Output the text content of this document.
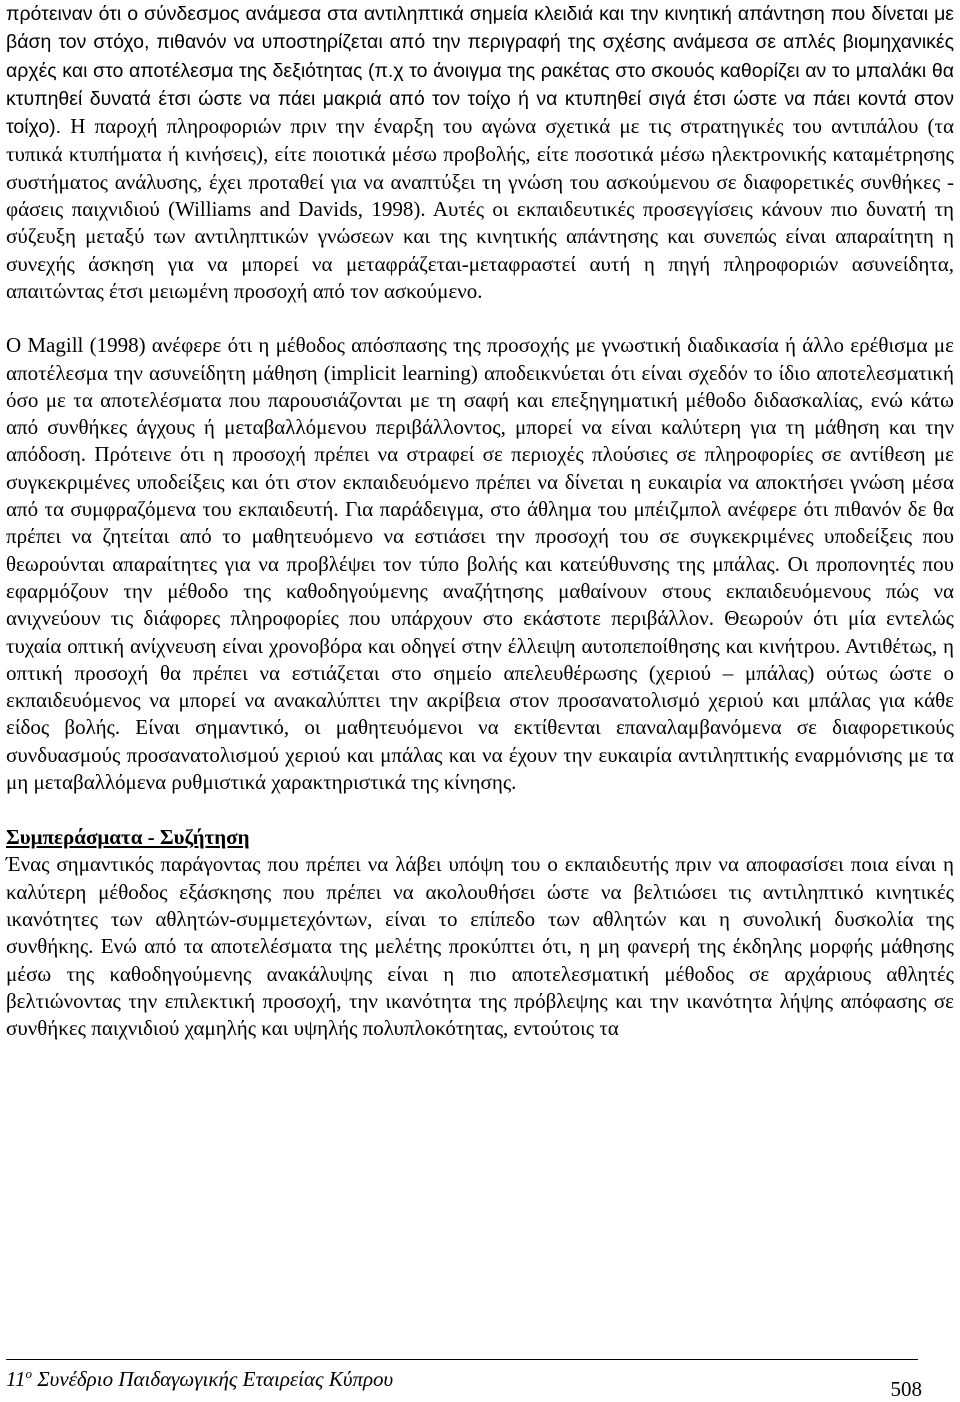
πρότειναν ότι ο σύνδεσμος ανάμεσα στα αντιληπτικά σημεία κλειδιά και την κινητική απάντηση που δίνεται με βάση τον στόχο, πιθανόν να υποστηρίζεται από την περιγραφή της σχέσης ανάμεσα σε απλές βιομηχανικές αρχές και στο αποτέλεσμα της δεξιότητας (π.χ το άνοιγμα της ρακέτας στο σκουός καθορίζει αν το μπαλάκι θα κτυπηθεί δυνατά έτσι ώστε να πάει μακριά από τον τοίχο ή να κτυπηθεί σιγά έτσι ώστε να πάει κοντά στον τοίχο). Η παροχή πληροφοριών πριν την έναρξη του αγώνα σχετικά με τις στρατηγικές του αντιπάλου (τα τυπικά κτυπήματα ή κινήσεις), είτε ποιοτικά μέσω προβολής, είτε ποσοτικά μέσω ηλεκτρονικής καταμέτρησης συστήματος ανάλυσης, έχει προταθεί για να αναπτύξει τη γνώση του ασκούμενου σε διαφορετικές συνθήκες - φάσεις παιχνιδιού (Williams and Davids, 1998). Αυτές οι εκπαιδευτικές προσεγγίσεις κάνουν πιο δυνατή τη σύζευξη μεταξύ των αντιληπτικών γνώσεων και της κινητικής απάντησης και συνεπώς είναι απαραίτητη η συνεχής άσκηση για να μπορεί να μεταφράζεται-μεταφραστεί αυτή η πηγή πληροφοριών ασυνείδητα, απαιτώντας έτσι μειωμένη προσοχή από τον ασκούμενο.

Ο Magill (1998) ανέφερε ότι η μέθοδος απόσπασης της προσοχής με γνωστική διαδικασία ή άλλο ερέθισμα με αποτέλεσμα την ασυνείδητη μάθηση (implicit learning) αποδεικνύεται ότι είναι σχεδόν το ίδιο αποτελεσματική όσο με τα αποτελέσματα που παρουσιάζονται με τη σαφή και επεξηγηματική μέθοδο διδασκαλίας, ενώ κάτω από συνθήκες άγχους ή μεταβαλλόμενου περιβάλλοντος, μπορεί να είναι καλύτερη για τη μάθηση και την απόδοση. Πρότεινε ότι η προσοχή πρέπει να στραφεί σε περιοχές πλούσιες σε πληροφορίες σε αντίθεση με συγκεκριμένες υποδείξεις και ότι στον εκπαιδευόμενο πρέπει να δίνεται η ευκαιρία να αποκτήσει γνώση μέσα από τα συμφραζόμενα του εκπαιδευτή. Για παράδειγμα, στο άθλημα του μπέιζμπολ ανέφερε ότι πιθανόν δε θα πρέπει να ζητείται από το μαθητευόμενο να εστιάσει την προσοχή του σε συγκεκριμένες υποδείξεις που θεωρούνται απαραίτητες για να προβλέψει τον τύπο βολής και κατεύθυνσης της μπάλας. Οι προπονητές που εφαρμόζουν την μέθοδο της καθοδηγούμενης αναζήτησης μαθαίνουν στους εκπαιδευόμενους πώς να ανιχνεύουν τις διάφορες πληροφορίες που υπάρχουν στο εκάστοτε περιβάλλον. Θεωρούν ότι μία εντελώς τυχαία οπτική ανίχνευση είναι χρονοβόρα και οδηγεί στην έλλειψη αυτοπεποίθησης και κινήτρου. Αντιθέτως, η οπτική προσοχή θα πρέπει να εστιάζεται στο σημείο απελευθέρωσης (χεριού – μπάλας) ούτως ώστε ο εκπαιδευόμενος να μπορεί να ανακαλύπτει την ακρίβεια στον προσανατολισμό χεριού και μπάλας για κάθε είδος βολής. Είναι σημαντικό, οι μαθητευόμενοι να εκτίθενται επαναλαμβανόμενα σε διαφορετικούς συνδυασμούς προσανατολισμού χεριού και μπάλας και να έχουν την ευκαιρία αντιληπτικής εναρμόνισης με τα μη μεταβαλλόμενα ρυθμιστικά χαρακτηριστικά της κίνησης.

Συμπεράσματα - Συζήτηση

Ένας σημαντικός παράγοντας που πρέπει να λάβει υπόψη του ο εκπαιδευτής πριν να αποφασίσει ποια είναι η καλύτερη μέθοδος εξάσκησης που πρέπει να ακολουθήσει ώστε να βελτιώσει τις αντιληπτικό κινητικές ικανότητες των αθλητών-συμμετεχόντων, είναι το επίπεδο των αθλητών και η συνολική δυσκολία της συνθήκης. Ενώ από τα αποτελέσματα της μελέτης προκύπτει ότι, η μη φανερή της έκδηλης μορφής μάθησης μέσω της καθοδηγούμενης ανακάλυψης είναι η πιο αποτελεσματική μέθοδος σε αρχάριους αθλητές βελτιώνοντας την επιλεκτική προσοχή, την ικανότητα της πρόβλεψης και την ικανότητα λήψης απόφασης σε συνθήκες παιχνιδιού χαμηλής και υψηλής πολυπλοκότητας, εντούτοις τα

$11^o$ Συνέδριο Παιδαγωγικής Εταιρείας Κύπρου	508
